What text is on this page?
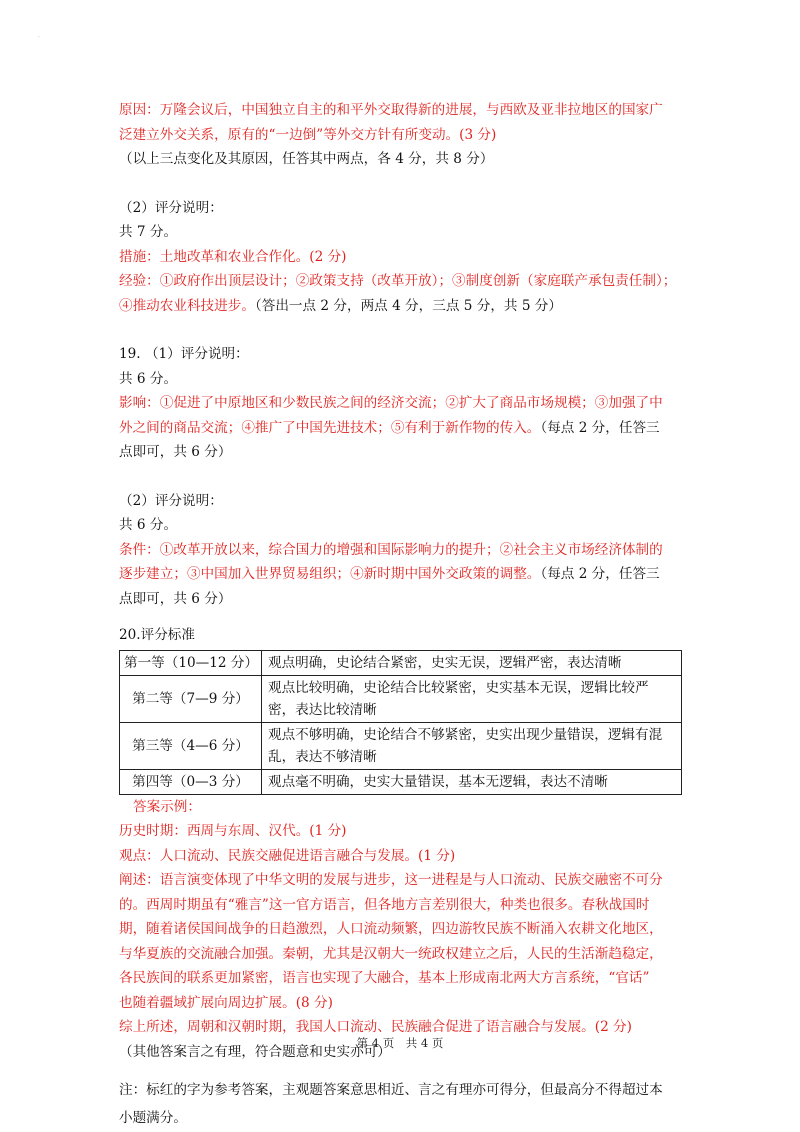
·
原因：万隆会议后，中国独立自主的和平外交取得新的进展，与西欧及亚非拉地区的国家广
泛建立外交关系，原有的“一边倒”等外交方针有所变动。(3 分)
（以上三点变化及其原因，任答其中两点，各 4 分，共 8 分）
（2）评分说明：
共 7 分。
措施：土地改革和农业合作化。(2 分)
经验：①政府作出顶层设计；②政策支持（改革开放）；③制度创新（家庭联产承包责任制）；
④推动农业科技进步。（答出一点 2 分，两点 4 分，三点 5 分，共 5 分）
19. （1）评分说明：
共 6 分。
影响：①促进了中原地区和少数民族之间的经济交流；②扩大了商品市场规模；③加强了中
外之间的商品交流；④推广了中国先进技术；⑤有利于新作物的传入。（每点 2 分，任答三
点即可，共 6 分）
（2）评分说明：
共 6 分。
条件：①改革开放以来，综合国力的增强和国际影响力的提升；②社会主义市场经济体制的
逐步建立；③中国加入世界贸易组织；④新时期中国外交政策的调整。（每点 2 分，任答三
点即可，共 6 分）
20.评分标准
第一等（10—12 分）	观点明确，史论结合紧密，史实无误，逻辑严密，表达清晰
第二等（7—9 分）	观点比较明确，史论结合比较紧密，史实基本无误，逻辑比较严密，表达比较清晰
第三等（4—6 分）	观点不够明确，史论结合不够紧密，史实出现少量错误，逻辑有混乱，表达不够清晰
第四等（0—3 分）	观点毫不明确，史实大量错误，基本无逻辑，表达不清晰
答案示例：
历史时期：西周与东周、汉代。(1 分)
观点：人口流动、民族交融促进语言融合与发展。(1 分)
阐述：语言演变体现了中华文明的发展与进步，这一进程是与人口流动、民族交融密不可分
的。西周时期虽有“雅言”这一官方语言，但各地方言差别很大，种类也很多。春秋战国时
期，随着诸侯国间战争的日趋激烈，人口流动频繁，四边游牧民族不断涌入农耕文化地区，
与华夏族的交流融合加强。秦朝，尤其是汉朝大一统政权建立之后，人民的生活渐趋稳定，
各民族间的联系更加紧密，语言也实现了大融合，基本上形成南北两大方言系统，“官话”
也随着疆域扩展向周边扩展。(8 分)
综上所述，周朝和汉朝时期，我国人口流动、民族融合促进了语言融合与发展。(2 分)
（其他答案言之有理，符合题意和史实亦可）
注：标红的字为参考答案，主观题答案意思相近、言之有理亦可得分，但最高分不得超过本
小题满分。
第 4 页　共 4 页
